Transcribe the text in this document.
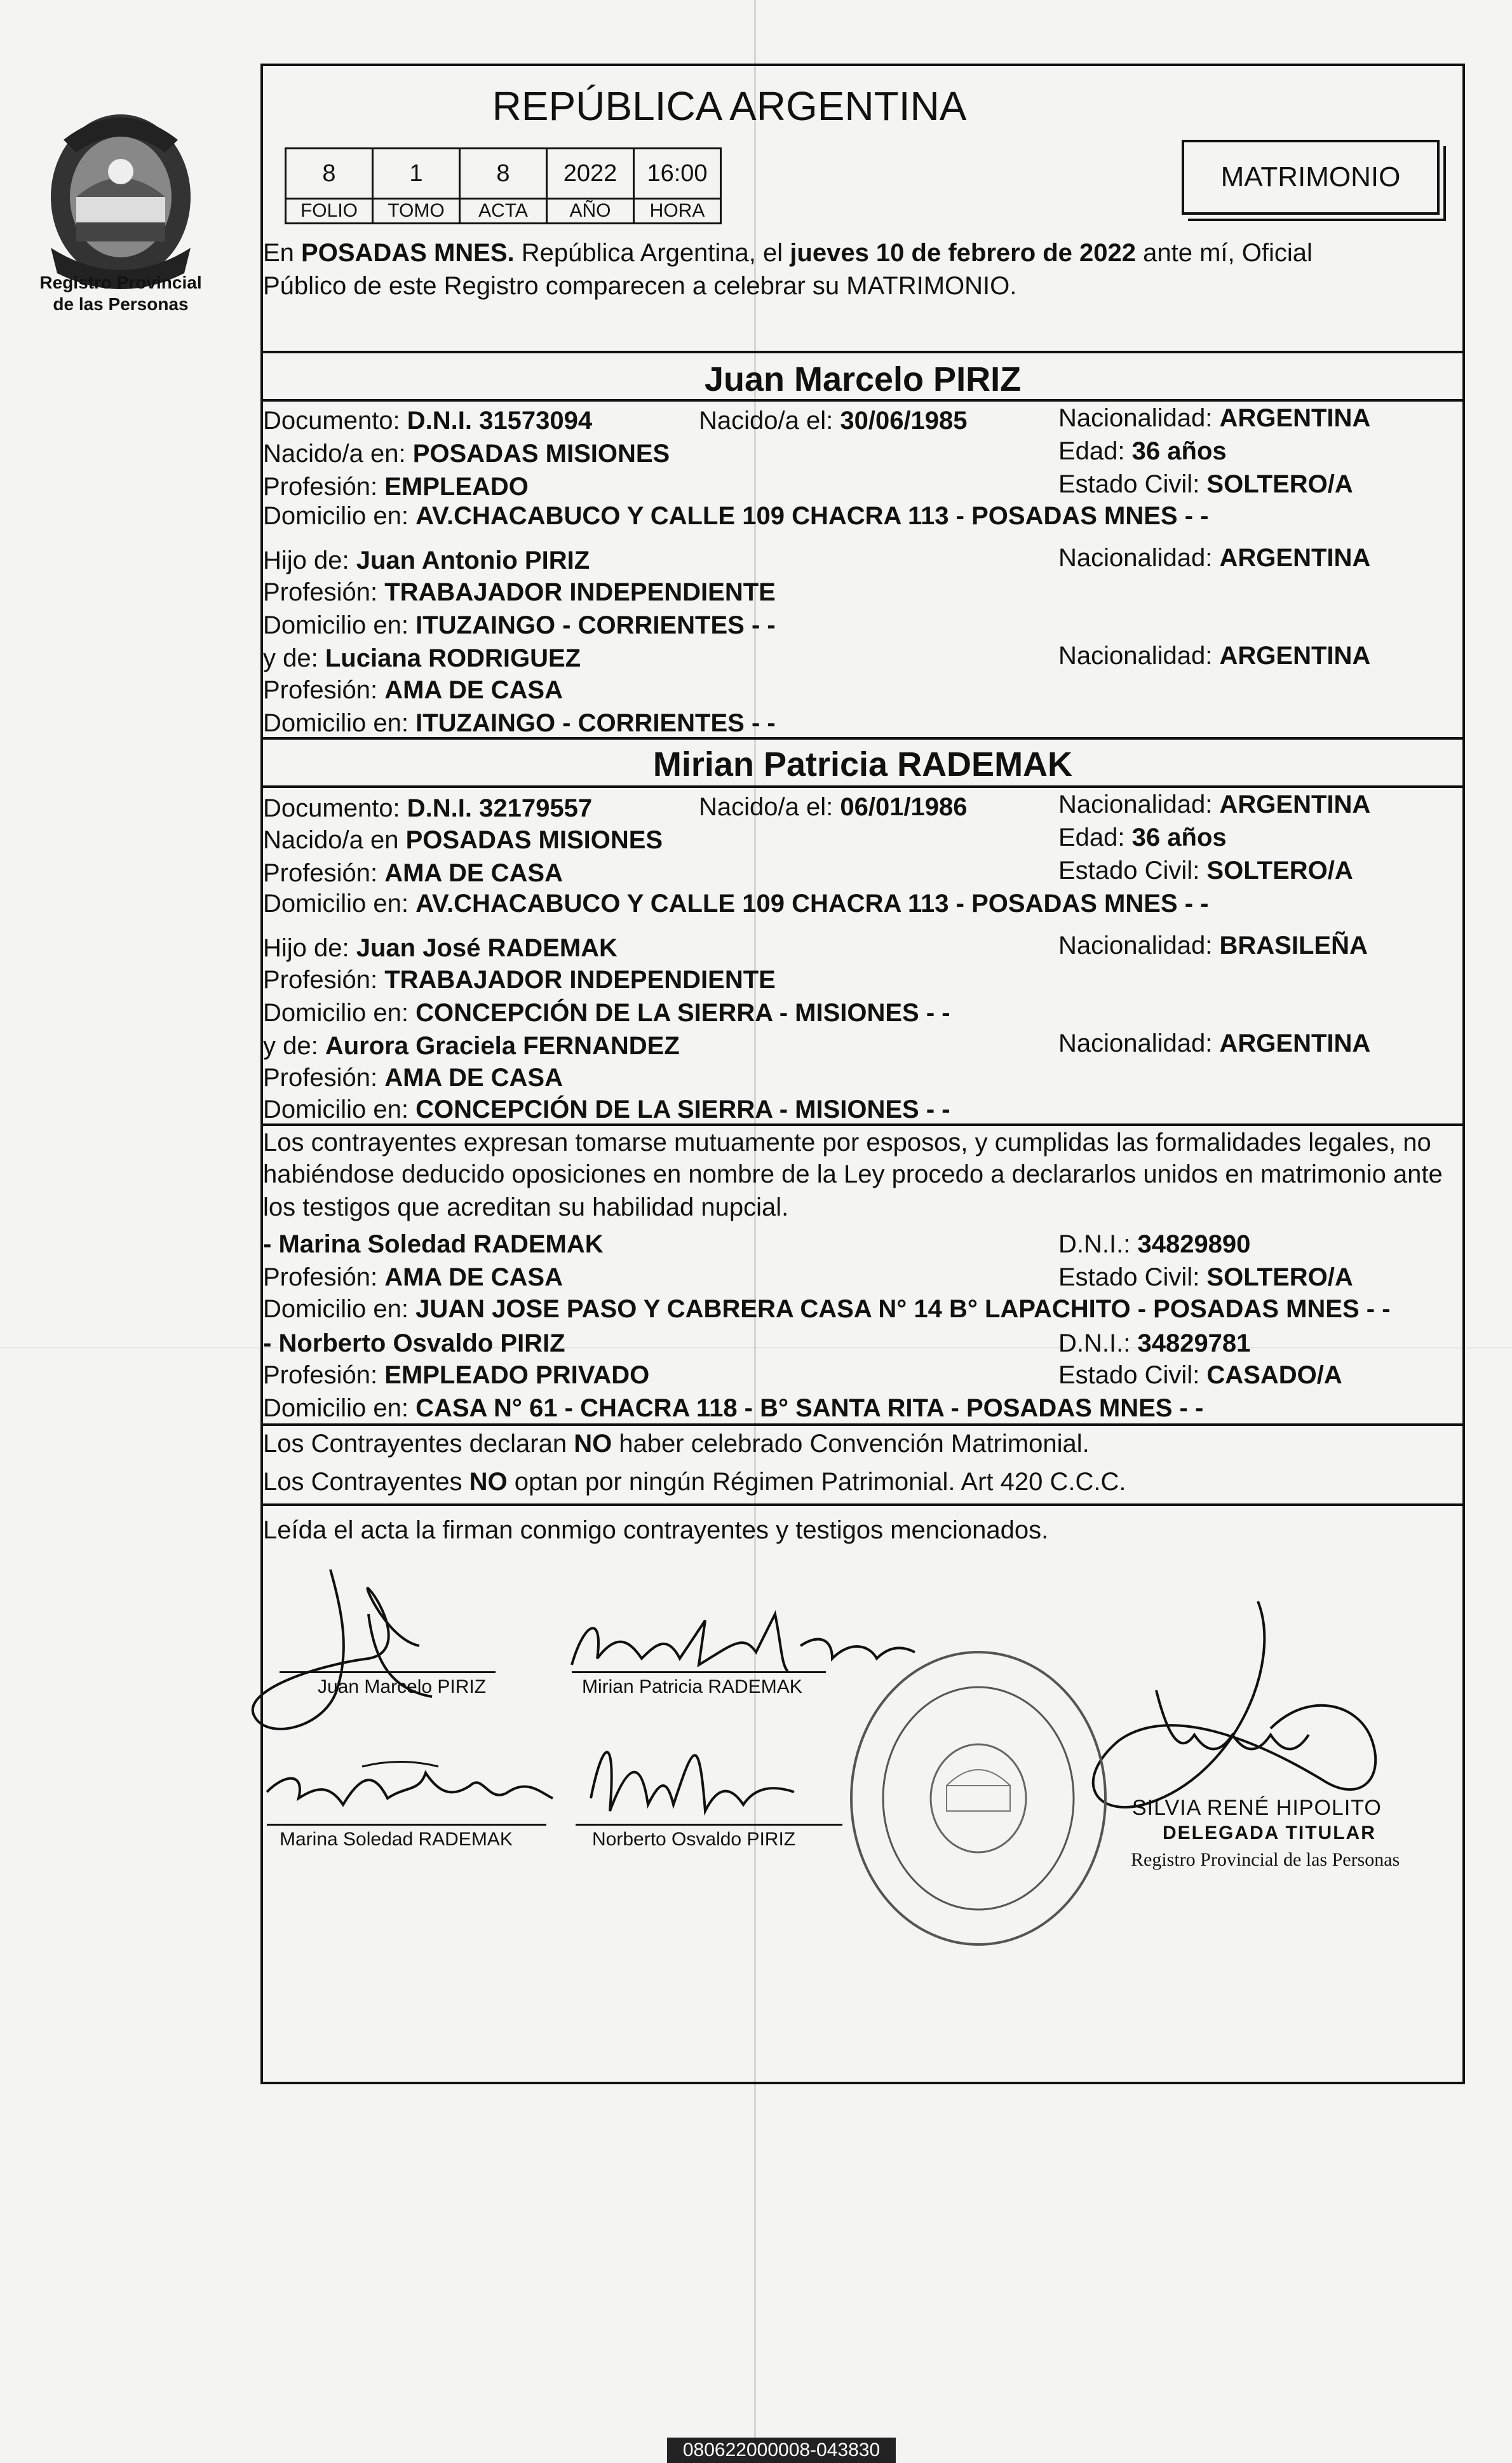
Registro Provincial
de las Personas
REPÚBLICA ARGENTINA
8	1	8	2022	16:00
FOLIO	TOMO	ACTA	AÑO	HORA
MATRIMONIO
En POSADAS MNES. República Argentina, el jueves 10 de febrero de 2022 ante mí, Oficial
Público de este Registro comparecen a celebrar su MATRIMONIO.
Juan Marcelo PIRIZ
Documento: D.N.I. 31573094	Nacido/a el: 30/06/1985	Nacionalidad: ARGENTINA
Nacido/a en: POSADAS MISIONES	Edad: 36 años
Profesión: EMPLEADO	Estado Civil: SOLTERO/A
Domicilio en: AV.CHACABUCO Y CALLE 109 CHACRA 113 - POSADAS MNES - -
Hijo de: Juan Antonio PIRIZ	Nacionalidad: ARGENTINA
Profesión: TRABAJADOR INDEPENDIENTE
Domicilio en: ITUZAINGO - CORRIENTES - -
y de: Luciana RODRIGUEZ	Nacionalidad: ARGENTINA
Profesión: AMA DE CASA
Domicilio en: ITUZAINGO - CORRIENTES - -
Mirian Patricia RADEMAK
Documento: D.N.I. 32179557	Nacido/a el: 06/01/1986	Nacionalidad: ARGENTINA
Nacido/a en POSADAS MISIONES	Edad: 36 años
Profesión: AMA DE CASA	Estado Civil: SOLTERO/A
Domicilio en: AV.CHACABUCO Y CALLE 109 CHACRA 113 - POSADAS MNES - -
Hijo de: Juan José RADEMAK	Nacionalidad: BRASILEÑA
Profesión: TRABAJADOR INDEPENDIENTE
Domicilio en: CONCEPCIÓN DE LA SIERRA - MISIONES - -
y de: Aurora Graciela FERNANDEZ	Nacionalidad: ARGENTINA
Profesión: AMA DE CASA
Domicilio en: CONCEPCIÓN DE LA SIERRA - MISIONES - -
Los contrayentes expresan tomarse mutuamente por esposos, y cumplidas las formalidades legales, no
habiéndose deducido oposiciones en nombre de la Ley procedo a declararlos unidos en matrimonio ante
los testigos que acreditan su habilidad nupcial.
- Marina Soledad RADEMAK	D.N.I.: 34829890
Profesión: AMA DE CASA	Estado Civil: SOLTERO/A
Domicilio en: JUAN JOSE PASO Y CABRERA CASA N° 14 B° LAPACHITO - POSADAS MNES - -
- Norberto Osvaldo PIRIZ	D.N.I.: 34829781
Profesión: EMPLEADO PRIVADO	Estado Civil: CASADO/A
Domicilio en: CASA N° 61 - CHACRA 118 - B° SANTA RITA - POSADAS MNES - -
Los Contrayentes declaran NO haber celebrado Convención Matrimonial.
Los Contrayentes NO optan por ningún Régimen Patrimonial. Art 420 C.C.C.
Leída el acta la firman conmigo contrayentes y testigos mencionados.
Juan Marcelo PIRIZ	Mirian Patricia RADEMAK
Marina Soledad RADEMAK	Norberto Osvaldo PIRIZ
SILVIA RENÉ HIPOLITO
DELEGADA TITULAR
Registro Provincial de las Personas
080622000008-043830
